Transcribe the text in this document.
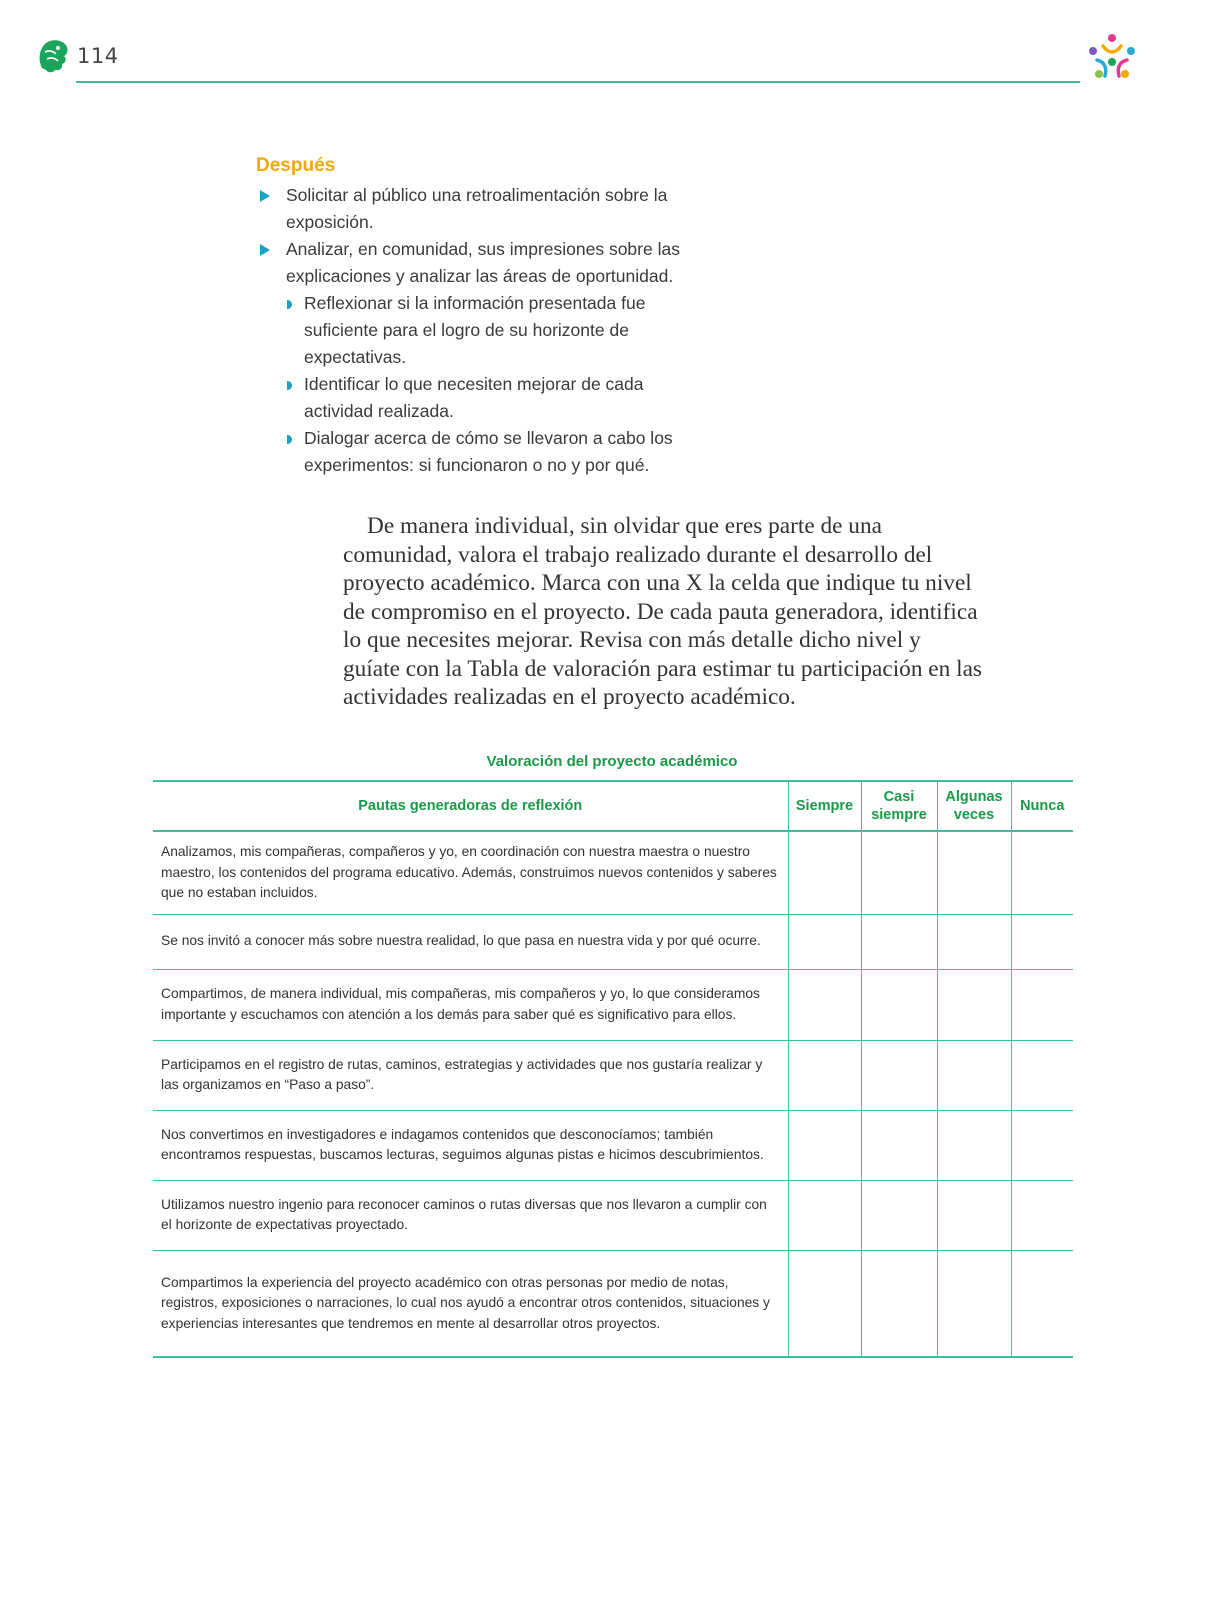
114
Después
Solicitar al público una retroalimentación sobre la exposición.
Analizar, en comunidad, sus impresiones sobre las explicaciones y analizar las áreas de oportunidad.
Reflexionar si la información presentada fue suficiente para el logro de su horizonte de expectativas.
Identificar lo que necesiten mejorar de cada actividad realizada.
Dialogar acerca de cómo se llevaron a cabo los experimentos: si funcionaron o no y por qué.

De manera individual, sin olvidar que eres parte de una comunidad, valora el trabajo realizado durante el desarrollo del proyecto académico. Marca con una X la celda que indique tu nivel de compromiso en el proyecto. De cada pauta generadora, identifica lo que necesites mejorar. Revisa con más detalle dicho nivel y guíate con la Tabla de valoración para estimar tu participación en las actividades realizadas en el proyecto académico.

Valoración del proyecto académico
Pautas generadoras de reflexión	Siempre	Casi siempre	Algunas veces	Nunca
Analizamos, mis compañeras, compañeros y yo, en coordinación con nuestra maestra o nuestro maestro, los contenidos del programa educativo. Además, construimos nuevos contenidos y saberes que no estaban incluidos.				
Se nos invitó a conocer más sobre nuestra realidad, lo que pasa en nuestra vida y por qué ocurre.				
Compartimos, de manera individual, mis compañeras, mis compañeros y yo, lo que consideramos importante y escuchamos con atención a los demás para saber qué es significativo para ellos.				
Participamos en el registro de rutas, caminos, estrategias y actividades que nos gustaría realizar y las organizamos en “Paso a paso”.				
Nos convertimos en investigadores e indagamos contenidos que desconocíamos; también encontramos respuestas, buscamos lecturas, seguimos algunas pistas e hicimos descubrimientos.				
Utilizamos nuestro ingenio para reconocer caminos o rutas diversas que nos llevaron a cumplir con el horizonte de expectativas proyectado.				
Compartimos la experiencia del proyecto académico con otras personas por medio de notas, registros, exposiciones o narraciones, lo cual nos ayudó a encontrar otros contenidos, situaciones y experiencias interesantes que tendremos en mente al desarrollar otros proyectos.				
